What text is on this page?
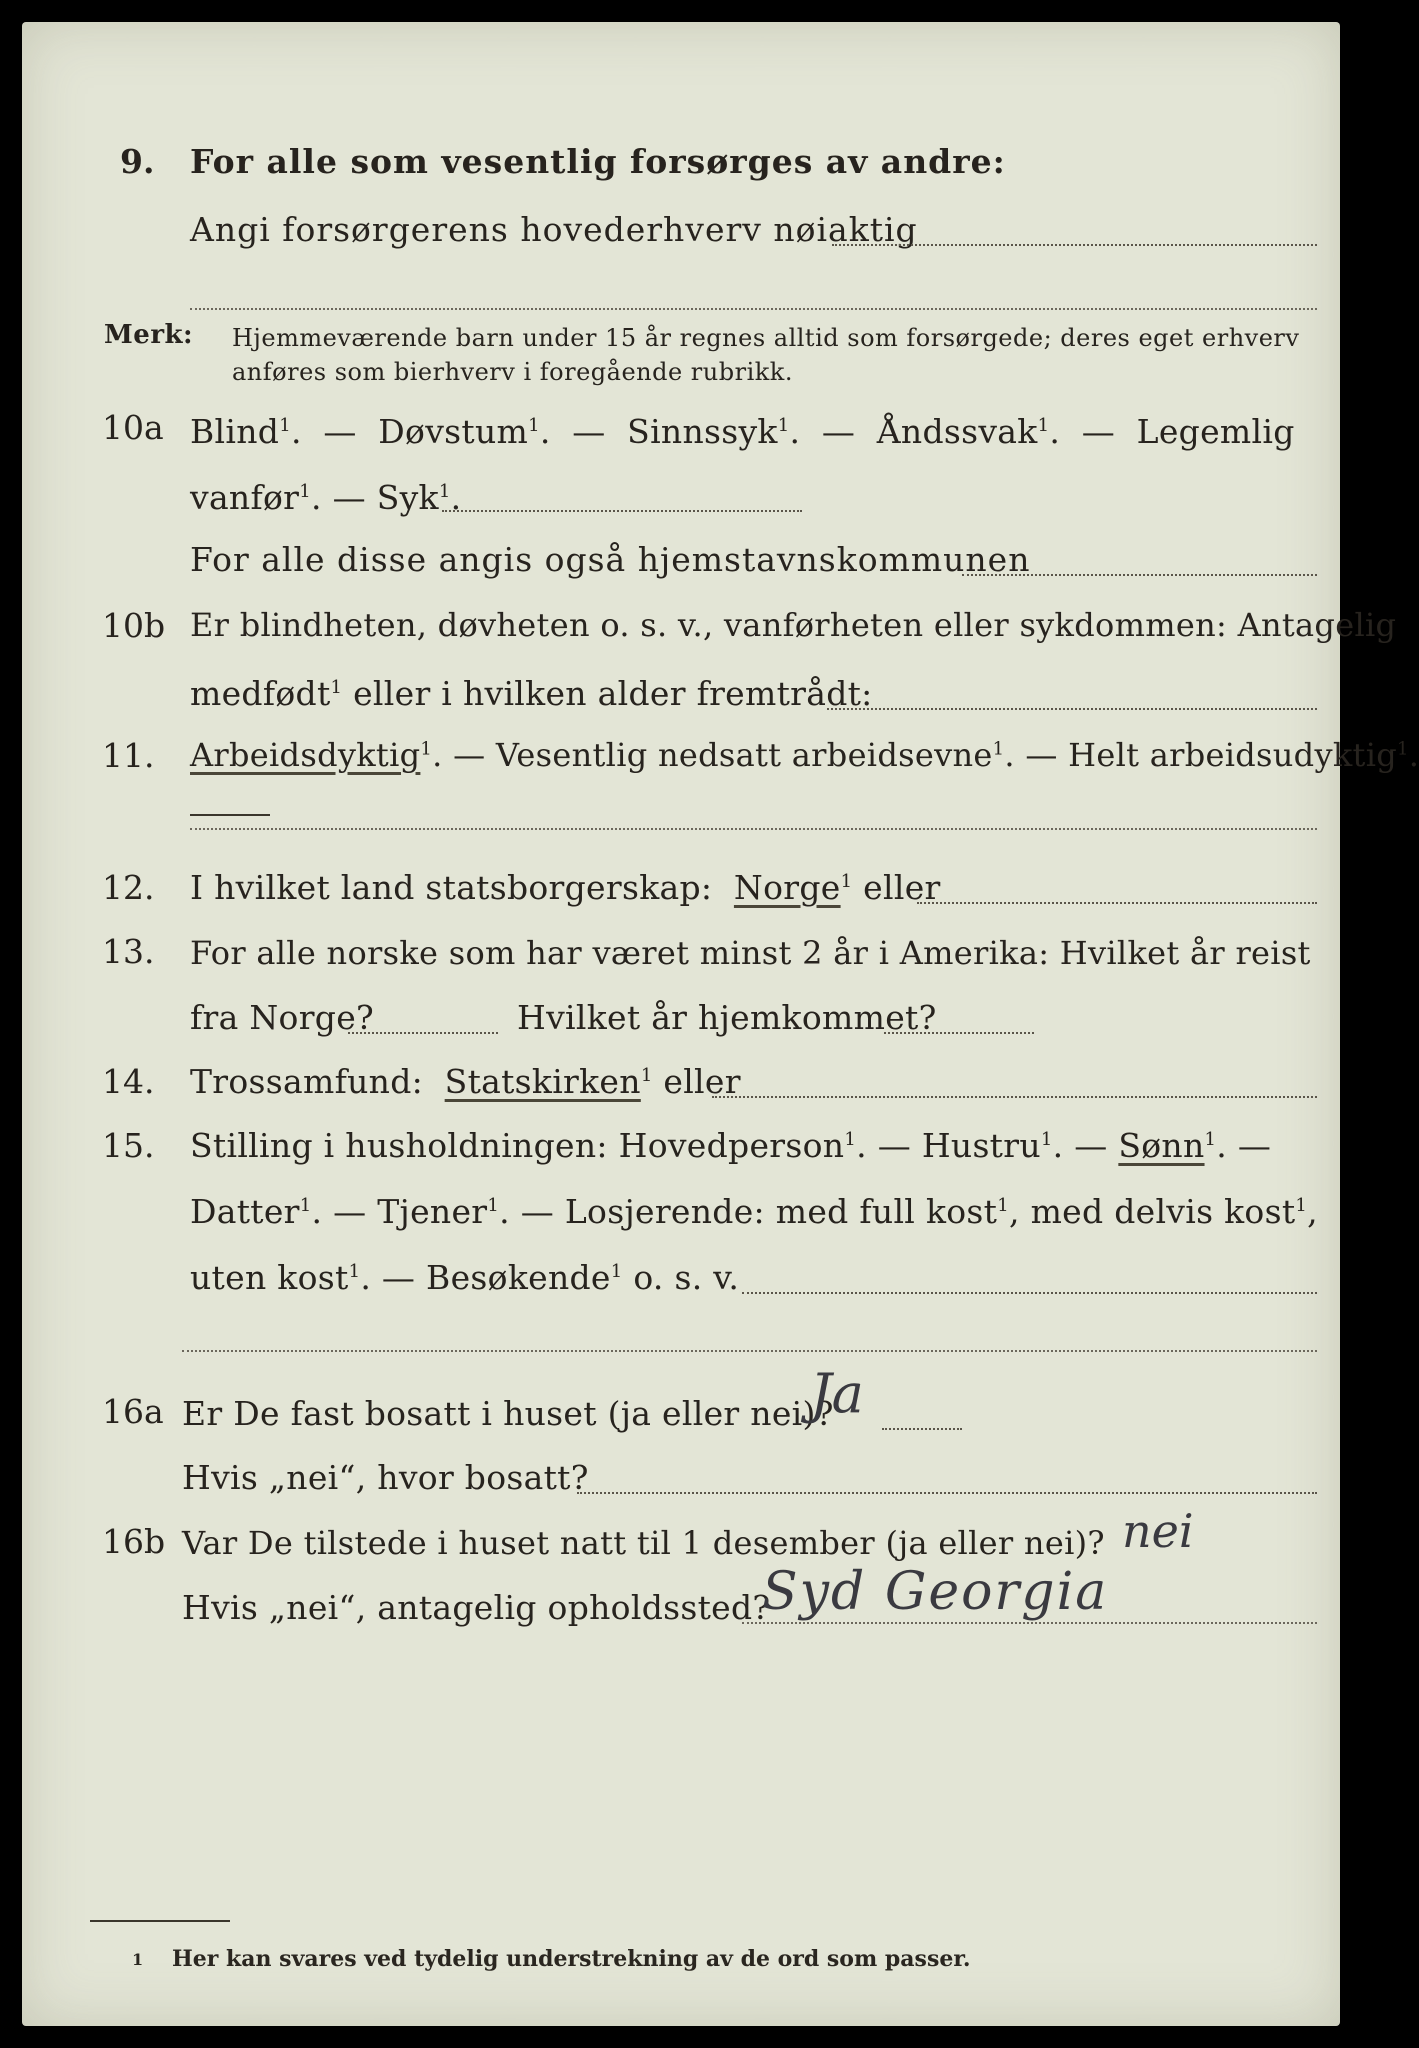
9. For alle som vesentlig forsørges av andre:
Angi forsørgerens hovederhverv nøiaktig
Merk: Hjemmeværende barn under 15 år regnes alltid som forsørgede; deres eget erhverv
anføres som bierhverv i foregående rubrikk.
10a Blind$^1$.  — Døvstum$^1$.  — Sinnssyk$^1$.  — Åndssvak$^1$.  — Legemlig
vanfør$^1$. — Syk$^1$.
For alle disse angis også hjemstavnskommunen
10b Er blindheten, døvheten o. s. v., vanførheten eller sykdommen: Antagelig
medfødt$^1$ eller i hvilken alder fremtrådt:
11. Arbeidsdyktig$^1$. — Vesentlig nedsatt arbeidsevne$^1$. — Helt arbeidsudyktig$^1$.
12. I hvilket land statsborgerskap: Norge$^1$ eller
13. For alle norske som har været minst 2 år i Amerika: Hvilket år reist
fra Norge?	Hvilket år hjemkommet?
14. Trossamfund: Statskirken$^1$ eller
15. Stilling i husholdningen: Hovedperson$^1$. — Hustru$^1$. — Sønn$^1$. —
Datter$^1$. — Tjener$^1$. — Losjerende: med full kost$^1$, med delvis kost$^1$,
uten kost$^1$. — Besøkende$^1$ o. s. v.
16a Er De fast bosatt i huset (ja eller nei)?
Ja
Hvis „nei“, hvor bosatt?
16b Var De tilstede i huset natt til 1 desember (ja eller nei)? nei
Hvis „nei“, antagelig opholdssted?
Syd Georgia
1 Her kan svares ved tydelig understrekning av de ord som passer.
